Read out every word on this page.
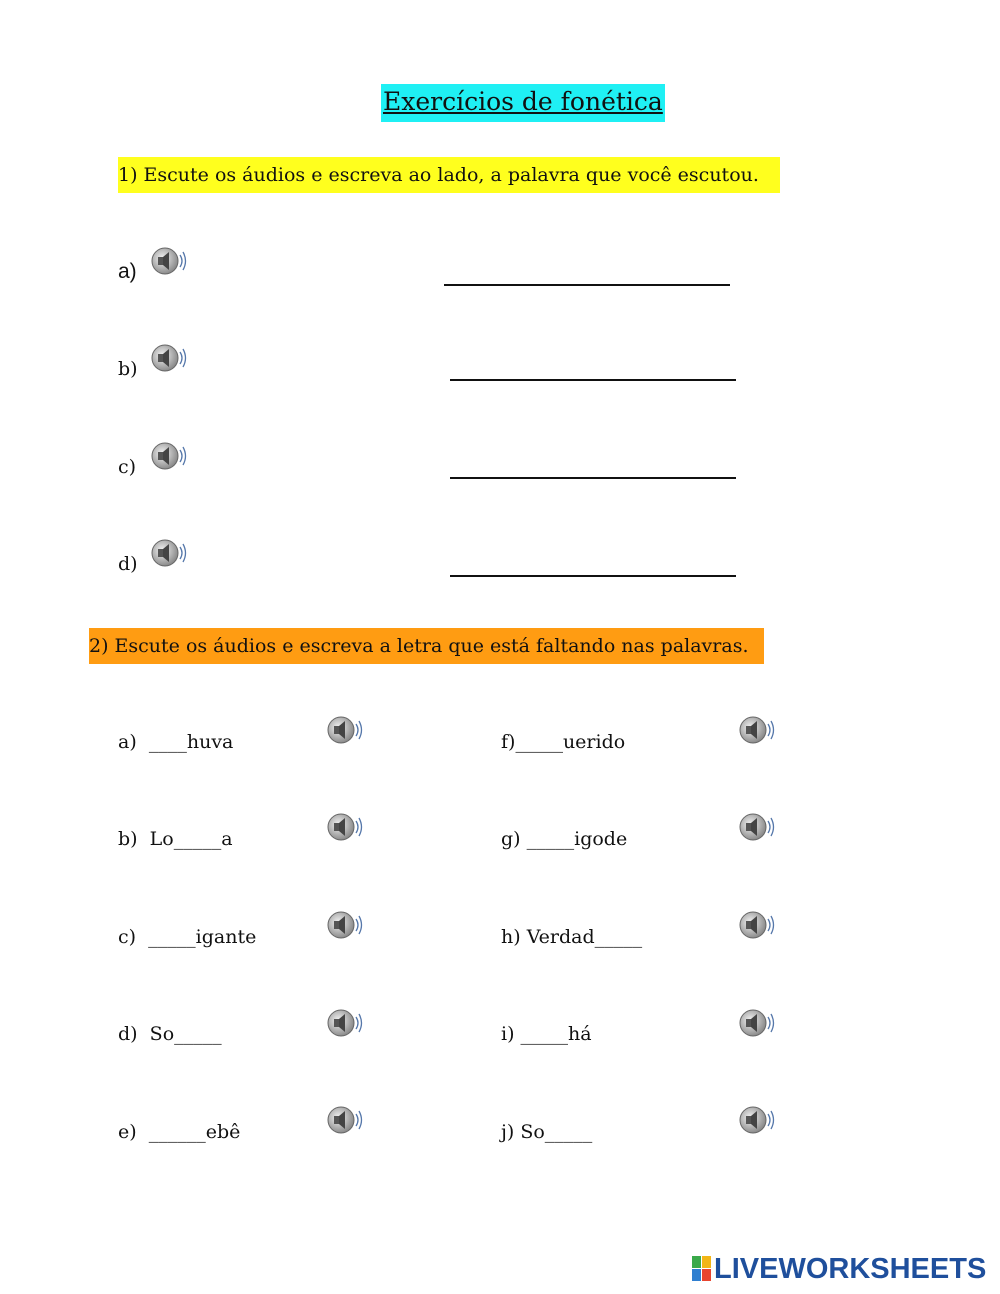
Exercícios de fonética
1) Escute os áudios e escreva ao lado, a palavra que você escutou.
a)
b)
c)
d)
2) Escute os áudios e escreva a letra que está faltando nas palavras.
a) ____huva
b) Lo_____a
c) _____igante
d) So_____
e) ______ebê
f)_____uerido
g) _____igode
h) Verdad_____
i) _____há
j) So_____
LIVEWORKSHEETS
